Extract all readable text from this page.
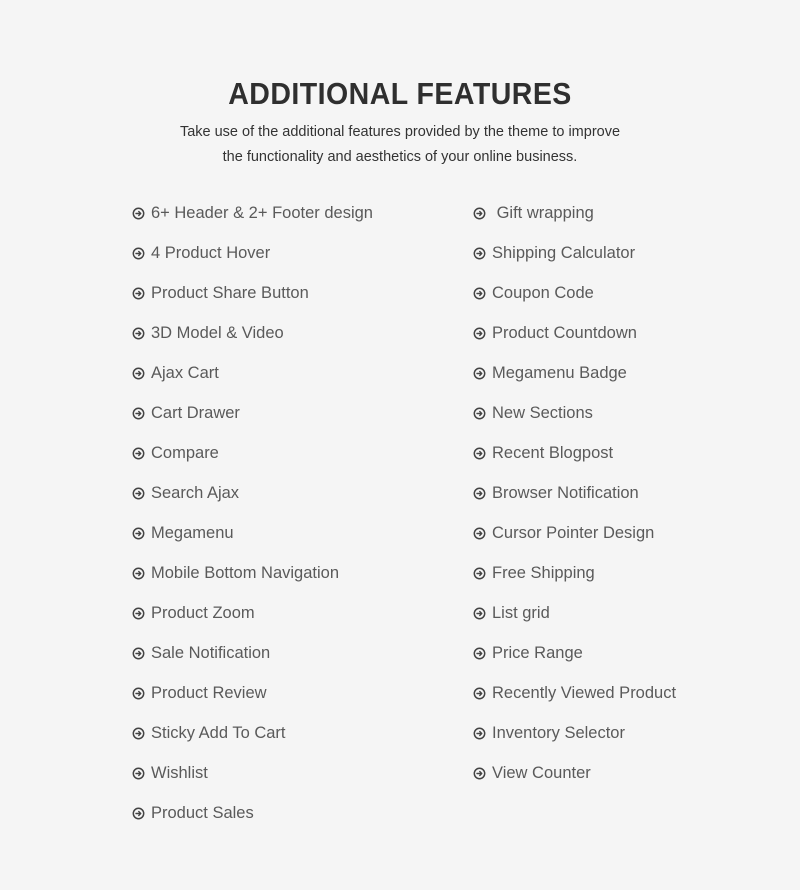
ADDITIONAL FEATURES
Take use of the additional features provided by the theme to improve
the functionality and aesthetics of your online business.
6+ Header & 2+ Footer design
4 Product Hover
Product Share Button
3D Model & Video
Ajax Cart
Cart Drawer
Compare
Search Ajax
Megamenu
Mobile Bottom Navigation
Product Zoom
Sale Notification
Product Review
Sticky Add To Cart
Wishlist
Product Sales
Gift wrapping
Shipping Calculator
Coupon Code
Product Countdown
Megamenu Badge
New Sections
Recent Blogpost
Browser Notification
Cursor Pointer Design
Free Shipping
List grid
Price Range
Recently Viewed Product
Inventory Selector
View Counter
